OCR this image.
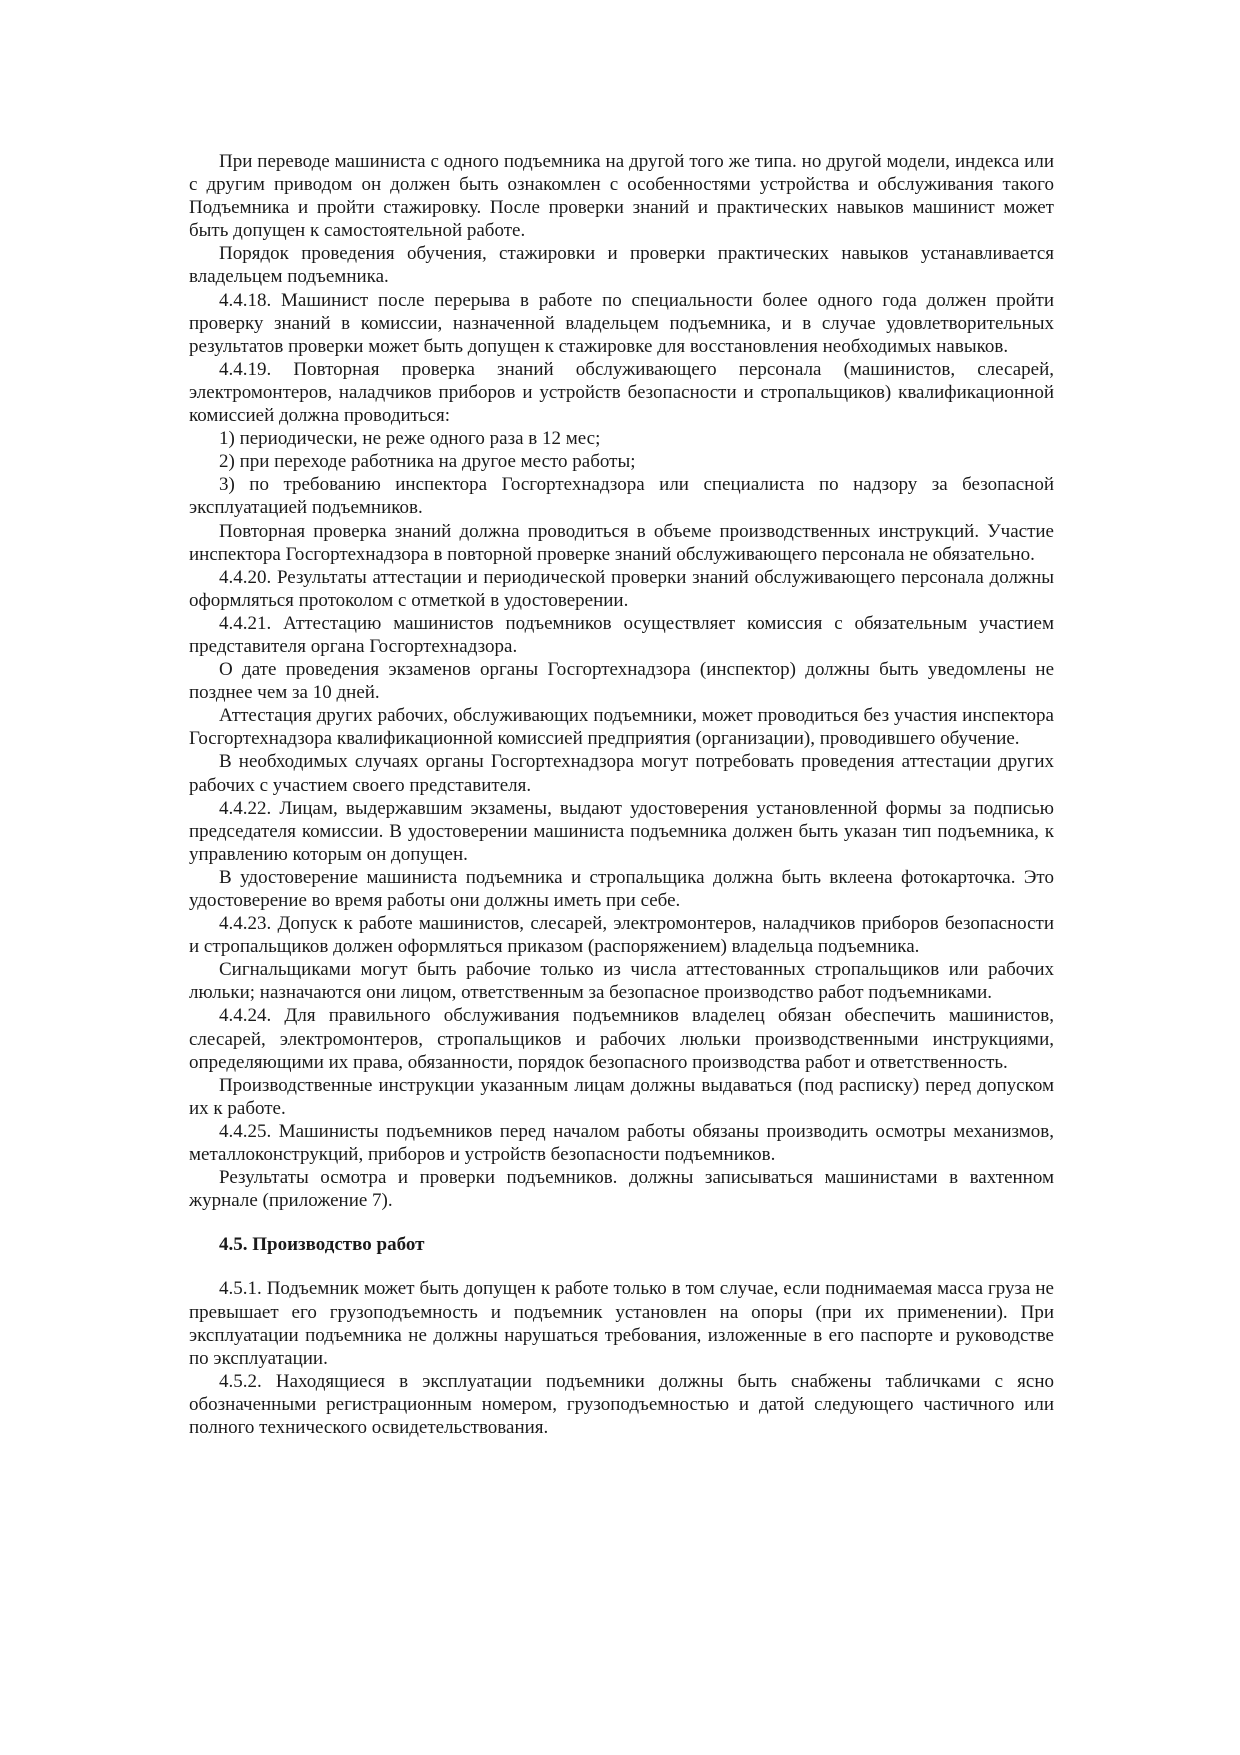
При переводе машиниста с одного подъемника на другой того же типа. но другой модели, индекса или с другим приводом он должен быть ознакомлен с особенностями устройства и обслуживания такого Подъемника и пройти стажировку. После проверки знаний и практических навыков машинист может быть допущен к самостоятельной работе.

Порядок проведения обучения, стажировки и проверки практических навыков устанавливается владельцем подъемника.

4.4.18. Машинист после перерыва в работе по специальности более одного года должен пройти проверку знаний в комиссии, назначенной владельцем подъемника, и в случае удовлетворительных результатов проверки может быть допущен к стажировке для восстановления необходимых навыков.

4.4.19. Повторная проверка знаний обслуживающего персонала (машинистов, слесарей, электромонтеров, наладчиков приборов и устройств безопасности и стропальщиков) квалификационной комиссией должна проводиться:

1) периодически, не реже одного раза в 12 мес;

2) при переходе работника на другое место работы;

3) по требованию инспектора Госгортехнадзора или специалиста по надзору за безопасной эксплуатацией подъемников.

Повторная проверка знаний должна проводиться в объеме производственных инструкций. Участие инспектора Госгортехнадзора в повторной проверке знаний обслуживающего персонала не обязательно.

4.4.20. Результаты аттестации и периодической проверки знаний обслуживающего персонала должны оформляться протоколом с отметкой в удостоверении.

4.4.21. Аттестацию машинистов подъемников осуществляет комиссия с обязательным участием представителя органа Госгортехнадзора.

О дате проведения экзаменов органы Госгортехнадзора (инспектор) должны быть уведомлены не позднее чем за 10 дней.

Аттестация других рабочих, обслуживающих подъемники, может проводиться без участия инспектора Госгортехнадзора квалификационной комиссией предприятия (организации), проводившего обучение.

В необходимых случаях органы Госгортехнадзора могут потребовать проведения аттестации других рабочих с участием своего представителя.

4.4.22. Лицам, выдержавшим экзамены, выдают удостоверения установленной формы за подписью председателя комиссии. В удостоверении машиниста подъемника должен быть указан тип подъемника, к управлению которым он допущен.

В удостоверение машиниста подъемника и стропальщика должна быть вклеена фотокарточка. Это удостоверение во время работы они должны иметь при себе.

4.4.23. Допуск к работе машинистов, слесарей, электромонтеров, наладчиков приборов безопасности и стропальщиков должен оформляться приказом (распоряжением) владельца подъемника.

Сигнальщиками могут быть рабочие только из числа аттестованных стропальщиков или рабочих люльки; назначаются они лицом, ответственным за безопасное производство работ подъемниками.

4.4.24. Для правильного обслуживания подъемников владелец обязан обеспечить машинистов, слесарей, электромонтеров, стропальщиков и рабочих люльки производственными инструкциями, определяющими их права, обязанности, порядок безопасного производства работ и ответственность.

Производственные инструкции указанным лицам должны выдаваться (под расписку) перед допуском их к работе.

4.4.25. Машинисты подъемников перед началом работы обязаны производить осмотры механизмов, металлоконструкций, приборов и устройств безопасности подъемников.

Результаты осмотра и проверки подъемников. должны записываться машинистами в вахтенном журнале (приложение 7).

4.5. Производство работ

4.5.1. Подъемник может быть допущен к работе только в том случае, если поднимаемая масса груза не превышает его грузоподъемность и подъемник установлен на опоры (при их применении). При эксплуатации подъемника не должны нарушаться требования, изложенные в его паспорте и руководстве по эксплуатации.

4.5.2. Находящиеся в эксплуатации подъемники должны быть снабжены табличками с ясно обозначенными регистрационным номером, грузоподъемностью и датой следующего частичного или полного технического освидетельствования.
